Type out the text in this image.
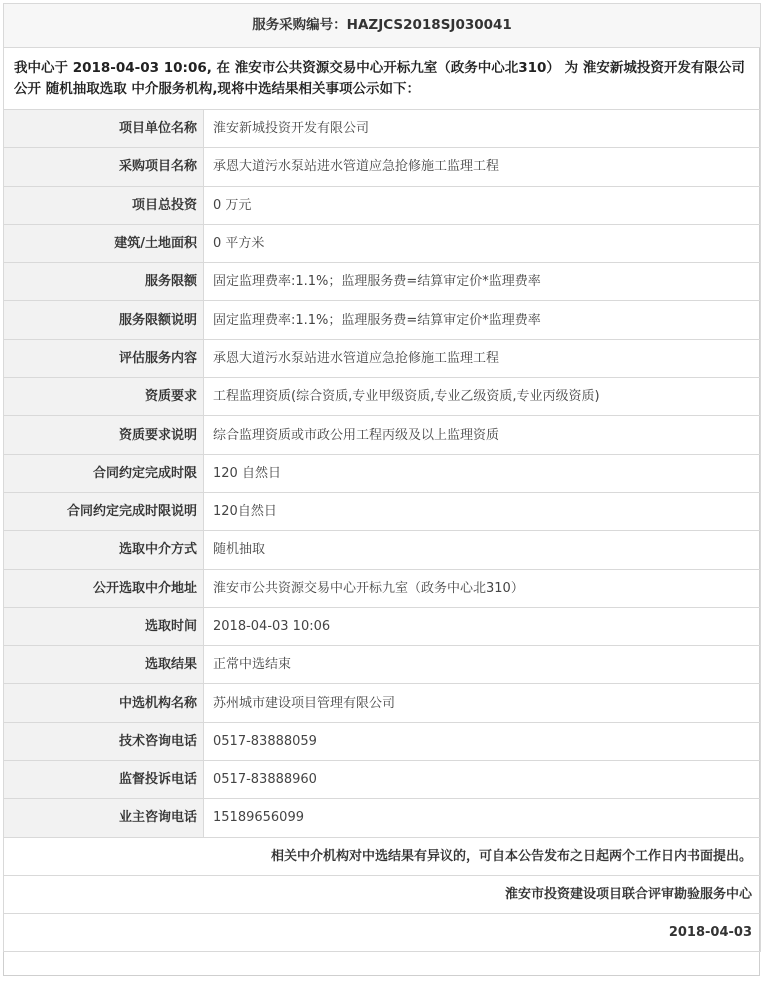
服务采购编号：HAZJCS2018SJ030041	
我中心于 2018-04-03 10:06, 在 淮安市公共资源交易中心开标九室（政务中心北310） 为 淮安新城投资开发有限公司 公开 随机抽取选取 中介服务机构,现将中选结果相关事项公示如下：	
项目单位名称	淮安新城投资开发有限公司
采购项目名称	承恩大道污水泵站进水管道应急抢修施工监理工程
项目总投资	0 万元
建筑/土地面积	0 平方米
服务限额	固定监理费率:1.1%；监理服务费=结算审定价*监理费率
服务限额说明	固定监理费率:1.1%；监理服务费=结算审定价*监理费率
评估服务内容	承恩大道污水泵站进水管道应急抢修施工监理工程
资质要求	工程监理资质(综合资质,专业甲级资质,专业乙级资质,专业丙级资质)
资质要求说明	综合监理资质或市政公用工程丙级及以上监理资质
合同约定完成时限	120 自然日
合同约定完成时限说明	120自然日
选取中介方式	随机抽取
公开选取中介地址	淮安市公共资源交易中心开标九室（政务中心北310）
选取时间	2018-04-03 10:06
选取结果	正常中选结束
中选机构名称	苏州城市建设项目管理有限公司
技术咨询电话	0517-83888059
监督投诉电话	0517-83888960
业主咨询电话	15189656099
相关中介机构对中选结果有异议的，可自本公告发布之日起两个工作日内书面提出。	
淮安市投资建设项目联合评审勘验服务中心	
2018-04-03	
